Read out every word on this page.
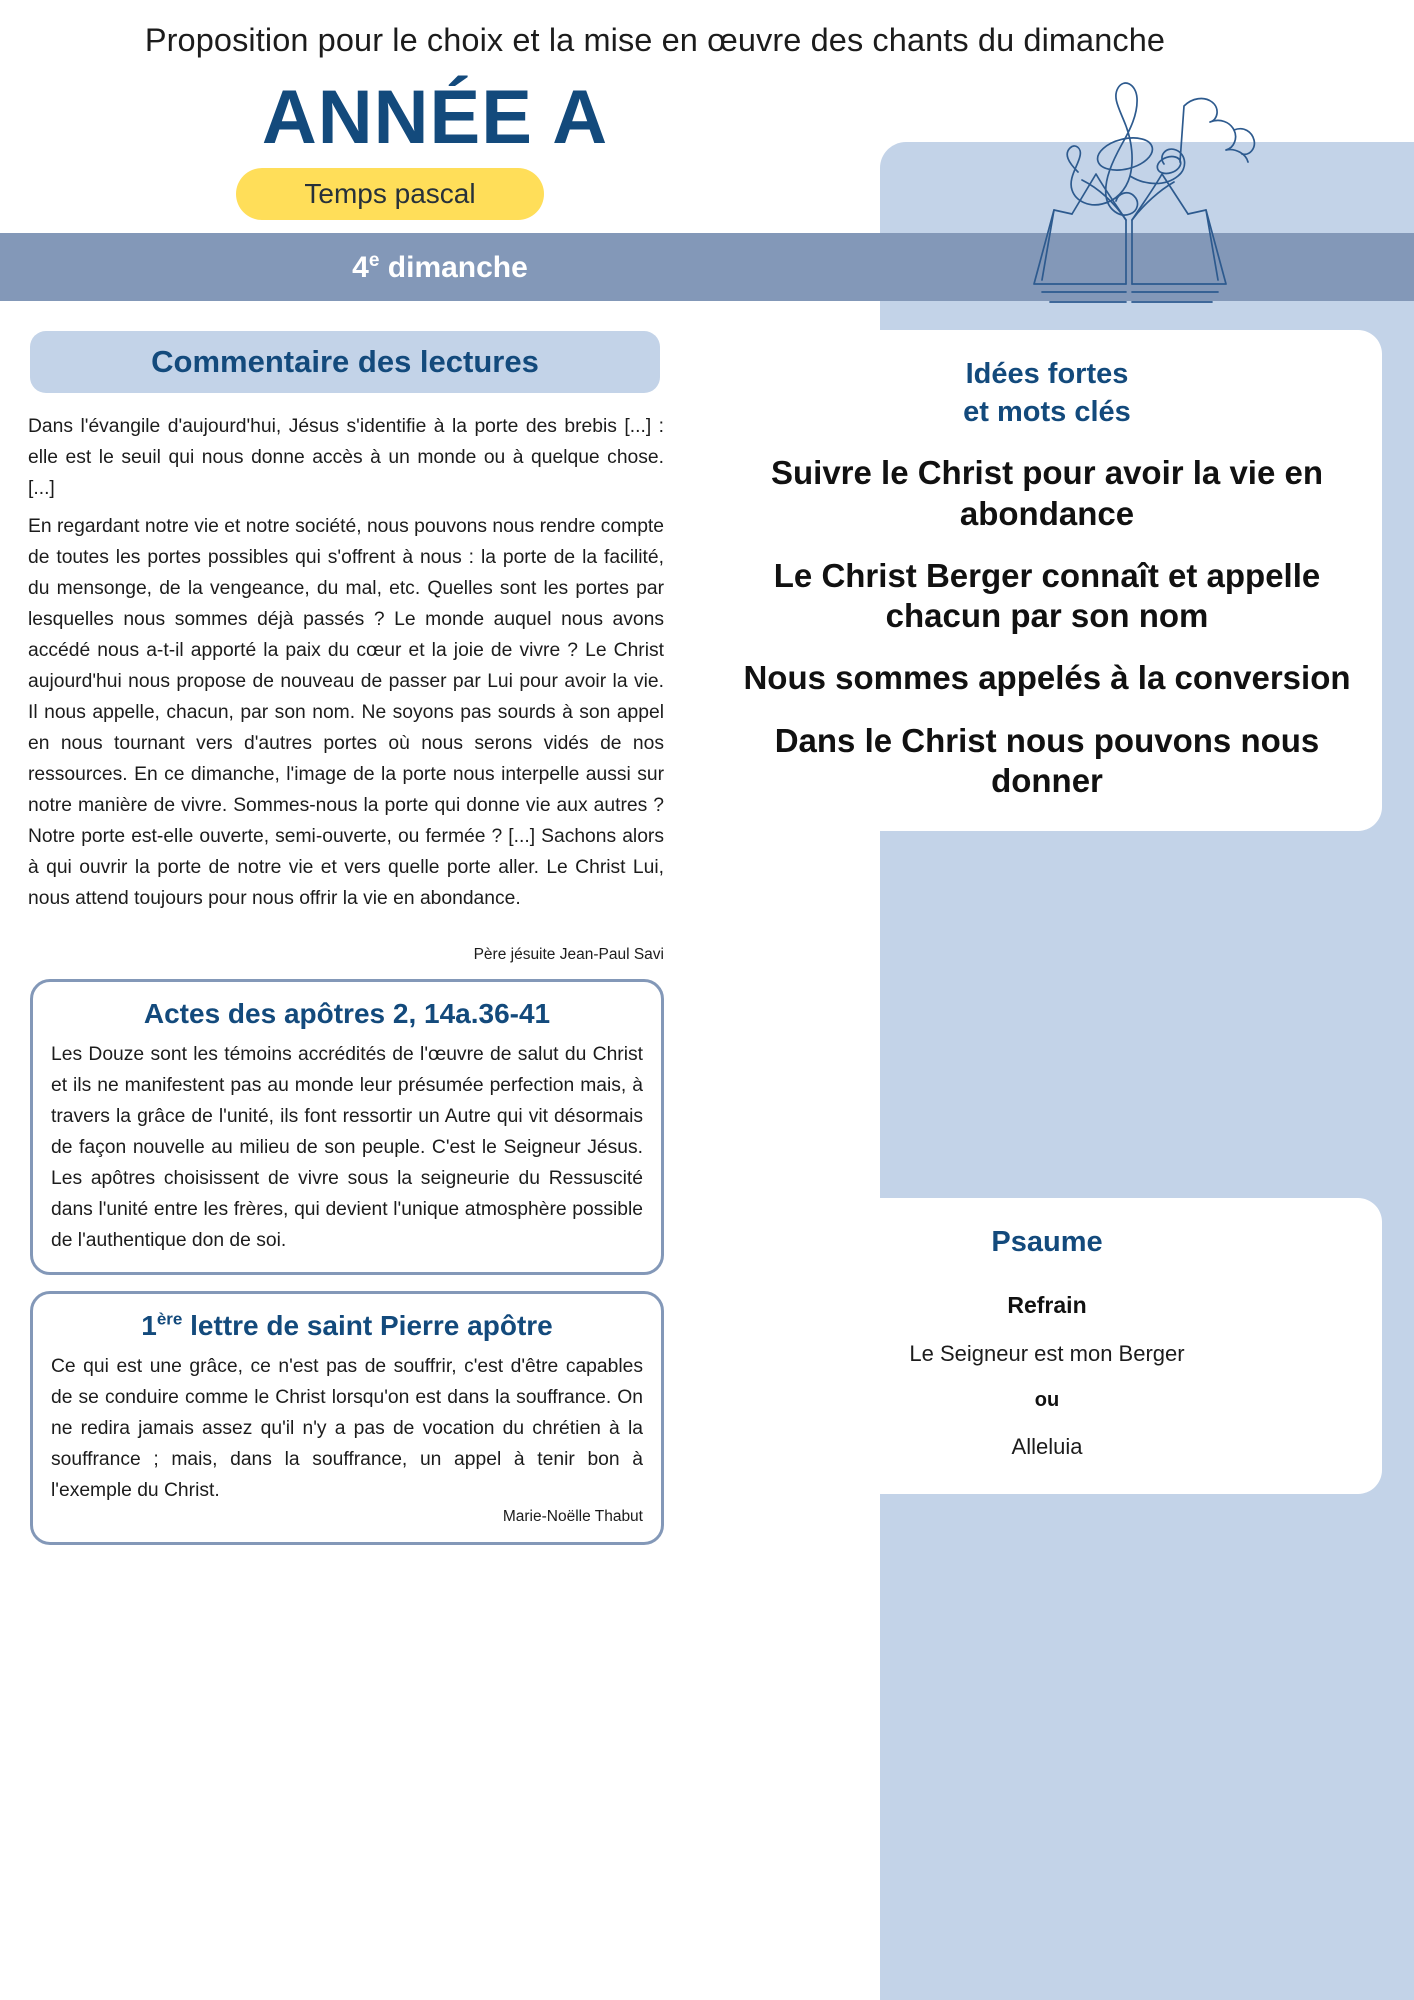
Proposition pour le choix et la mise en œuvre des chants du dimanche
ANNÉE A
Temps pascal
4e dimanche
Commentaire des lectures
Dans l'évangile d'aujourd'hui, Jésus s'identifie à la porte des brebis [...] : elle est le seuil qui nous donne accès à un monde ou à quelque chose. [...]
En regardant notre vie et notre société, nous pouvons nous rendre compte de toutes les portes possibles qui s'offrent à nous : la porte de la facilité, du mensonge, de la vengeance, du mal, etc. Quelles sont les portes par lesquelles nous sommes déjà passés ? Le monde auquel nous avons accédé nous a-t-il apporté la paix du cœur et la joie de vivre ? Le Christ aujourd'hui nous propose de nouveau de passer par Lui pour avoir la vie. Il nous appelle, chacun, par son nom. Ne soyons pas sourds à son appel en nous tournant vers d'autres portes où nous serons vidés de nos ressources. En ce dimanche, l'image de la porte nous interpelle aussi sur notre manière de vivre. Sommes-nous la porte qui donne vie aux autres ? Notre porte est-elle ouverte, semi-ouverte, ou fermée ? [...] Sachons alors à qui ouvrir la porte de notre vie et vers quelle porte aller. Le Christ Lui, nous attend toujours pour nous offrir la vie en abondance.
Père jésuite Jean-Paul Savi
Actes des apôtres 2, 14a.36-41

Les Douze sont les témoins accrédités de l'œuvre de salut du Christ et ils ne manifestent pas au monde leur présumée perfection mais, à travers la grâce de l'unité, ils font ressortir un Autre qui vit désormais de façon nouvelle au milieu de son peuple. C'est le Seigneur Jésus. Les apôtres choisissent de vivre sous la seigneurie du Ressuscité dans l'unité entre les frères, qui devient l'unique atmosphère possible de l'authentique don de soi.

1ère lettre de saint Pierre apôtre

Ce qui est une grâce, ce n'est pas de souffrir, c'est d'être capables de se conduire comme le Christ lorsqu'on est dans la souffrance. On ne redira jamais assez qu'il n'y a pas de vocation du chrétien à la souffrance ; mais, dans la souffrance, un appel à tenir bon à l'exemple du Christ.

Marie-Noëlle Thabut
Idées fortes
et mots clés
Suivre le Christ pour avoir la vie en abondance
Le Christ Berger connaît et appelle chacun par son nom
Nous sommes appelés à la conversion
Dans le Christ nous pouvons nous donner
Psaume
Refrain
Le Seigneur est mon Berger
ou
Alleluia
